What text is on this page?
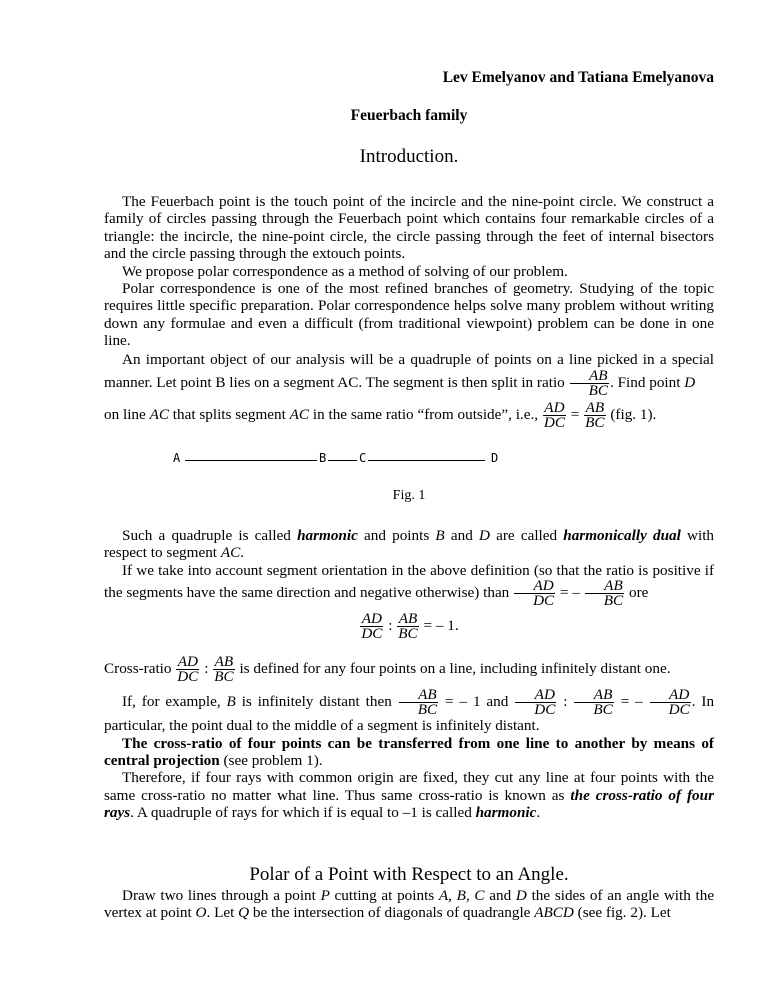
Lev Emelyanov and Tatiana Emelyanova
Feuerbach family
Introduction.

The Feuerbach point is the touch point of the incircle and the nine-point circle. We construct a family of circles passing through the Feuerbach point which contains four remarkable circles of a triangle: the incircle, the nine-point circle, the circle passing through the feet of internal bisectors and the circle passing through the extouch points.

We propose polar correspondence as a method of solving of our problem.

Polar correspondence is one of the most refined branches of geometry. Studying of the topic requires little specific preparation. Polar correspondence helps solve many problem without writing down any formulae and even a difficult (from traditional viewpoint) problem can be done in one line.

An important object of our analysis will be a quadruple of points on a line picked in a special manner. Let point B lies on a segment AC. The segment is then split in ratio $\frac{AB}{BC}$ . Find point D

on line AC that splits segment AC in the same ratio “from outside”, i.e., $\frac{AD}{DC} = \frac{AB}{BC} (fig$. 1).

A	B	C	D
Fig. 1

Such a quadruple is called harmonic and points B and D are called harmonically dual with respect to segment AC.

If we take into account segment orientation in the above definition (so that the ratio is positive if the segments have the same direction and negative otherwise) than $\frac{AD}{DC}$ = – $\frac{AB}{BC}$ ore

$\frac{AD}{DC}$ : $\frac{AB}{BC}$ = – 1.

Cross-ratio $\frac{AD}{DC}$ : $\frac{AB}{BC}$ is defined for any four points on a line, including infinitely distant one.

If, for example, B is infinitely distant then $\frac{AB}{BC}$ = – 1 and $\frac{AD}{DC}$ : $\frac{AB}{BC}$ = – $\frac{AD}{DC}$ . In particular, the point dual to the middle of a segment is infinitely distant.

The cross-ratio of four points can be transferred from one line to another by means of central projection (see problem 1).

Therefore, if four rays with common origin are fixed, they cut any line at four points with the same cross-ratio no matter what line. Thus same cross-ratio is known as the cross-ratio of four rays. A quadruple of rays for which if is equal to –1 is called harmonic.

Polar of a Point with Respect to an Angle.

Draw two lines through a point P cutting at points A, B, C and D the sides of an angle with the vertex at point O. Let Q be the intersection of diagonals of quadrangle ABCD (see fig. 2). Let
